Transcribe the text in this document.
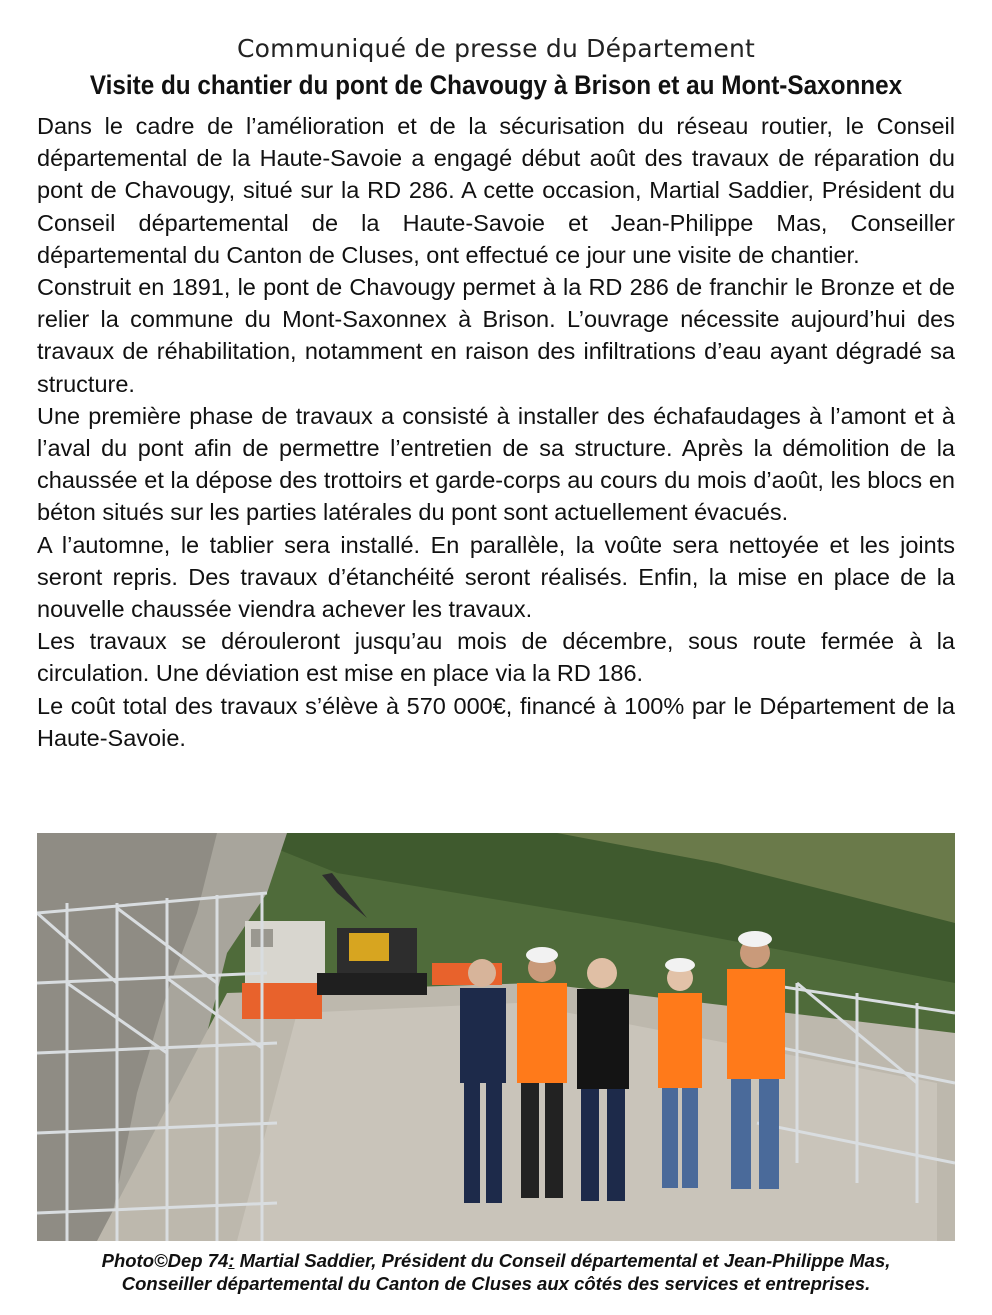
Communiqué de presse du Département
Visite du chantier du pont de Chavougy à Brison et au Mont-Saxonnex

Dans le cadre de l’amélioration et de la sécurisation du réseau routier, le Conseil départemental de la Haute-Savoie a engagé début août des travaux de réparation du pont de Chavougy, situé sur la RD 286. A cette occasion, Martial Saddier, Président du Conseil départemental de la Haute-Savoie et Jean-Philippe Mas, Conseiller départemental du Canton de Cluses, ont effectué ce jour une visite de chantier.

Construit en 1891, le pont de Chavougy permet à la RD 286 de franchir le Bronze et de relier la commune du Mont-Saxonnex à Brison. L’ouvrage nécessite aujourd’hui des travaux de réhabilitation, notamment en raison des infiltrations d’eau ayant dégradé sa structure.

Une première phase de travaux a consisté à installer des échafaudages à l’amont et à l’aval du pont afin de permettre l’entretien de sa structure. Après la démolition de la chaussée et la dépose des trottoirs et garde-corps au cours du mois d’août, les blocs en béton situés sur les parties latérales du pont sont actuellement évacués.

A l’automne, le tablier sera installé. En parallèle, la voûte sera nettoyée et les joints seront repris. Des travaux d’étanchéité seront réalisés. Enfin, la mise en place de la nouvelle chaussée viendra achever les travaux.

Les travaux se dérouleront jusqu’au mois de décembre, sous route fermée à la circulation. Une déviation est mise en place via la RD 186.

Le coût total des travaux s’élève à 570 000€, financé à 100% par le Département de la Haute-Savoie.

Photo©Dep 74: Martial Saddier, Président du Conseil départemental et Jean-Philippe Mas,
Conseiller départemental du Canton de Cluses aux côtés des services et entreprises.
